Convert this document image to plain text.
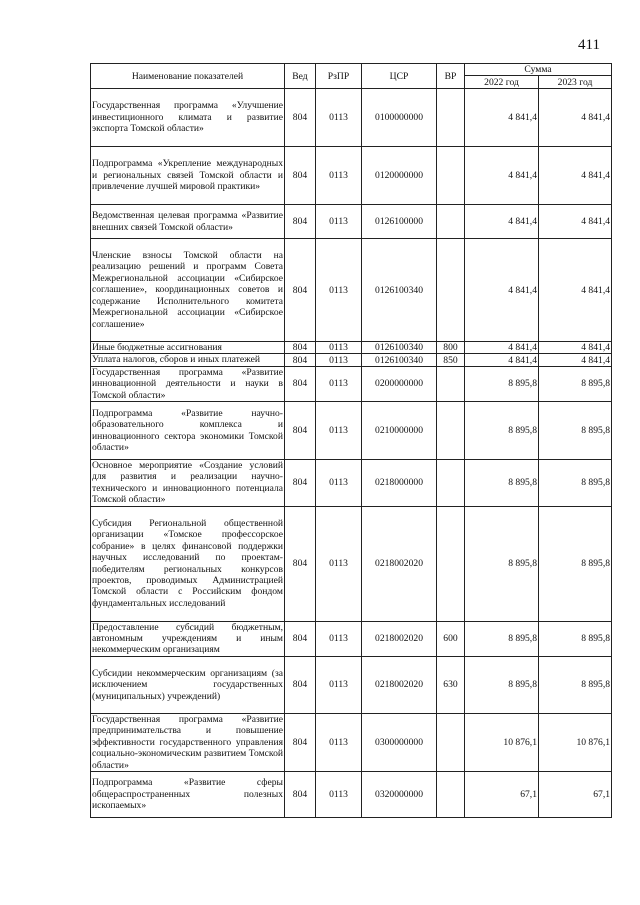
411
Наименование показателей	Вед	РзПР	ЦСР	ВР	Сумма	
					2022 год	2023 год
Государственная программа «Улучшение инвестиционного климата и развитие экспорта Томской области»	804	0113	0100000000		4 841,4	4 841,4
Подпрограмма «Укрепление международных и региональных связей Томской области и привлечение лучшей мировой практики»	804	0113	0120000000		4 841,4	4 841,4
Ведомственная целевая программа «Развитие внешних связей Томской области»	804	0113	0126100000		4 841,4	4 841,4
Членские взносы Томской области на реализацию решений и программ Совета Межрегиональной ассоциации «Сибирское соглашение», координационных советов и содержание Исполнительного комитета Межрегиональной ассоциации «Сибирское соглашение»	804	0113	0126100340		4 841,4	4 841,4
Иные бюджетные ассигнования	804	0113	0126100340	800	4 841,4	4 841,4
Уплата налогов, сборов и иных платежей	804	0113	0126100340	850	4 841,4	4 841,4
Государственная программа «Развитие инновационной деятельности и науки в Томской области»	804	0113	0200000000		8 895,8	8 895,8
Подпрограмма «Развитие научно-образовательного комплекса и инновационного сектора экономики Томской области»	804	0113	0210000000		8 895,8	8 895,8
Основное мероприятие «Создание условий для развития и реализации научно-технического и инновационного потенциала Томской области»	804	0113	0218000000		8 895,8	8 895,8
Субсидия Региональной общественной организации «Томское профессорское собрание» в целях финансовой поддержки научных исследований по проектам-победителям региональных конкурсов проектов, проводимых Администрацией Томской области с Российским фондом фундаментальных исследований	804	0113	0218002020		8 895,8	8 895,8
Предоставление субсидий бюджетным, автономным учреждениям и иным некоммерческим организациям	804	0113	0218002020	600	8 895,8	8 895,8
Субсидии некоммерческим организациям (за исключением государственных (муниципальных) учреждений)	804	0113	0218002020	630	8 895,8	8 895,8
Государственная программа «Развитие предпринимательства и повышение эффективности государственного управления социально-экономическим развитием Томской области»	804	0113	0300000000		10 876,1	10 876,1
Подпрограмма «Развитие сферы общераспространенных полезных ископаемых»	804	0113	0320000000		67,1	67,1
